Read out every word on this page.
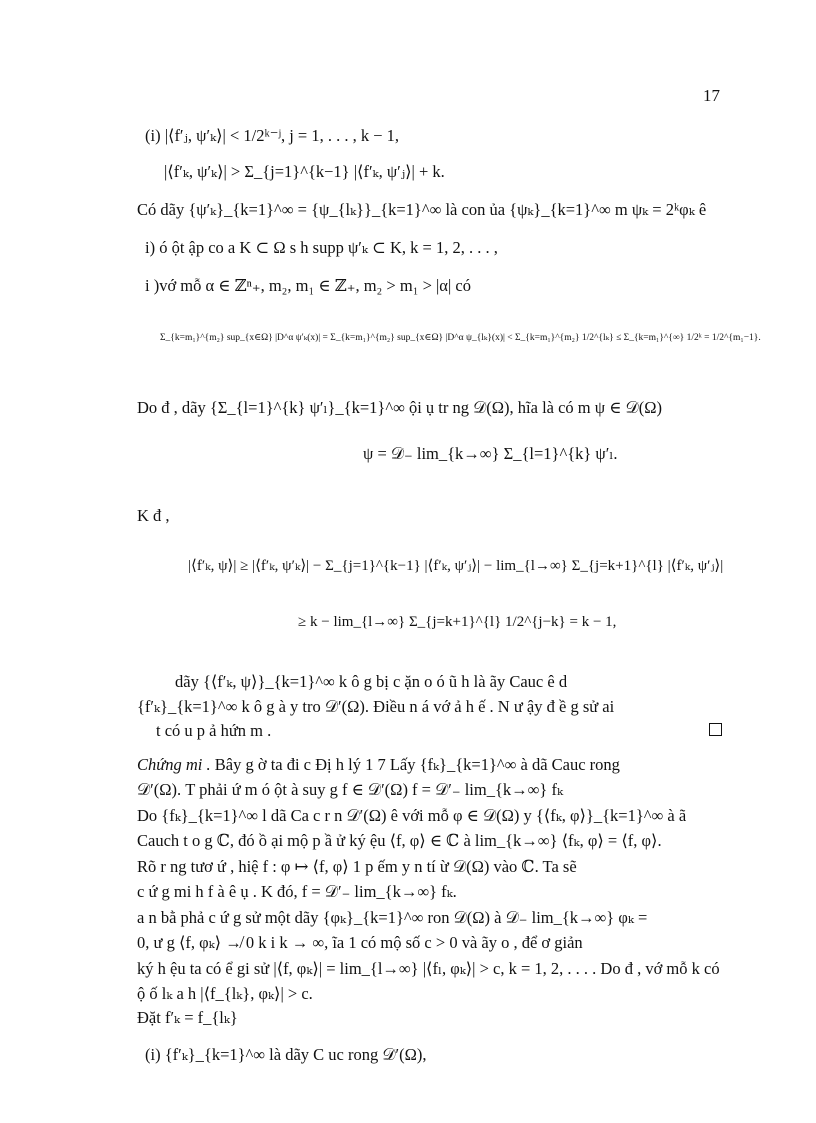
17
(i) |⟨f′ⱼ, ψ′ₖ⟩| < 1/2ᵏ⁻ʲ, j = 1, . . . , k − 1,
|⟨f′ₖ, ψ′ₖ⟩| > Σ_{j=1}^{k−1} |⟨f′ₖ, ψ′ⱼ⟩| + k.
Có dãy {ψ′ₖ}_{k=1}^∞ = {ψ_{lₖ}}_{k=1}^∞ là con ủa {ψₖ}_{k=1}^∞ m ψₖ = 2ᵏφₖ ê
i) ó ột ập co a K ⊂ Ω s h supp ψ′ₖ ⊂ K, k = 1, 2, . . . ,
i )vớ mỗ α ∈ ℤⁿ₊, m₂, m₁ ∈ ℤ₊, m₂ > m₁ > |α| có
Σ_{k=m₁}^{m₂} sup_{x∈Ω} |D^α ψ′ₖ(x)| = Σ_{k=m₁}^{m₂} sup_{x∈Ω} |D^α ψ_{lₖ}(x)| < Σ_{k=m₁}^{m₂} 1/2^{lₖ} ≤ Σ_{k=m₁}^{∞} 1/2ᵏ = 1/2^{m₁−1}.
Do đ , dãy {Σ_{l=1}^{k} ψ′ₗ}_{k=1}^∞ ội ụ tr ng 𝒟(Ω), hĩa là có m ψ ∈ 𝒟(Ω)
ψ = 𝒟₋ lim_{k→∞} Σ_{l=1}^{k} ψ′ₗ.
K đ ,
|⟨f′ₖ, ψ⟩| ≥ |⟨f′ₖ, ψ′ₖ⟩| − Σ_{j=1}^{k−1} |⟨f′ₖ, ψ′ⱼ⟩| − lim_{l→∞} Σ_{j=k+1}^{l} |⟨f′ₖ, ψ′ⱼ⟩|
≥ k − lim_{l→∞} Σ_{j=k+1}^{l} 1/2^{j−k} = k − 1,
dãy {⟨f′ₖ, ψ⟩}_{k=1}^∞ k ô g bị c ặn o ó ũ h là ãy Cauc ê d
{f′ₖ}_{k=1}^∞ k ô g à y tro 𝒟′(Ω). Điều n á vớ ả h ế . N ư ậy đ ề g sử ai
t có u p ả hứn m .
Chứng mi . Bây g ờ ta đi c Đị h lý 1 7 Lấy {fₖ}_{k=1}^∞ à dã Cauc rong
𝒟′(Ω). T phải ứ m ó ột à suy g f ∈ 𝒟′(Ω) f = 𝒟′₋ lim_{k→∞} fₖ
Do {fₖ}_{k=1}^∞ l dã Ca c r n 𝒟′(Ω) ê với mỗ φ ∈ 𝒟(Ω) y {⟨fₖ, φ⟩}_{k=1}^∞ à ã
Cauch t o g ℂ, đó ồ ại mộ p ầ ử ký ệu ⟨f, φ⟩ ∈ ℂ à lim_{k→∞} ⟨fₖ, φ⟩ = ⟨f, φ⟩.
Rõ r ng tươ ứ , hiệ f : φ ↦ ⟨f, φ⟩ 1 p ếm y n tí ừ 𝒟(Ω) vào ℂ. Ta sẽ
c ứ g mi h f à ê ụ . K đó, f = 𝒟′₋ lim_{k→∞} fₖ.
a n bằ phả c ứ g sử một dãy {φₖ}_{k=1}^∞ ron 𝒟(Ω) à 𝒟₋ lim_{k→∞} φₖ =
0, ư g ⟨f, φₖ⟩ ↛ 0 k i k → ∞, ĩa 1 có mộ số c > 0 và ãy o , để ơ giản
ký h ệu ta có ể gi sử |⟨f, φₖ⟩| = lim_{l→∞} |⟨fₗ, φₖ⟩| > c, k = 1, 2, . . . . Do đ , vớ mỗ k có
ộ ố lₖ a h |⟨f_{lₖ}, φₖ⟩| > c.
Đặt f′ₖ = f_{lₖ}
(i) {f′ₖ}_{k=1}^∞ là dãy C uc rong 𝒟′(Ω),
